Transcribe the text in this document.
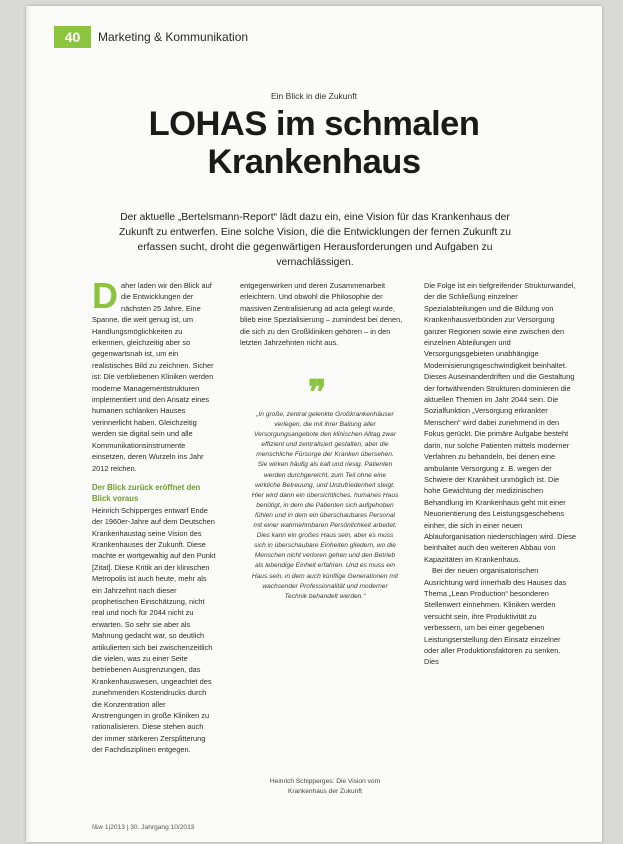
40	Marketing & Kommunikation
Ein Blick in die Zukunft
LOHAS im schmalen
Krankenhaus
Der aktuelle „Bertelsmann-Report“ lädt dazu ein, eine Vision für das Krankenhaus der Zukunft zu entwerfen. Eine solche Vision, die die Entwicklungen der fernen Zukunft zu erfassen sucht, droht die gegenwärtigen Herausforderungen und Aufgaben zu vernachlässigen.
D aher laden wir den Blick auf die Entwicklungen der nächsten 25 Jahre. Eine Spanne, die weit genug ist, um Handlungsmöglichkeiten zu erkennen, gleichzeitig aber so gegenwartsnah ist, um ein realistisches Bild zu zeichnen. Sicher ist: Die verbliebenen Kliniken werden moderne Managementstrukturen implementiert und den Ansatz eines humanen schlanken Hauses verinnerlicht haben. Gleichzeitig werden sie digital sein und alle Kommunikationsinstrumente einsetzen, deren Wurzeln ins Jahr 2012 reichen.

Der Blick zurück eröffnet den Blick voraus

Heinrich Schipperges entwarf Ende der 1960er-Jahre auf dem Deutschen Krankenhaustag seine Vision des Krankenhauses der Zukunft. Diese machte er wortgewaltig auf den Punkt [Zitat]. Diese Kritik an der klinischen Metropolis ist auch heute, mehr als ein Jahrzehnt nach dieser prophetischen Einschätzung, nicht real und noch für 2044 nicht zu erwarten. So sehr sie aber als Mahnung gedacht war, so deutlich artikulierten sich bei zwischenzeitlich die vielen, was zu einer Seite betriebenen Ausgrenzungen, das Krankenhauswesen, ungeachtet des zunehmenden Kostendrucks durch die Konzentration aller Anstrengungen in große Kliniken zu rationalisieren. Diese stehen auch der immer stärkeren Zersplitterung der Fachdisziplinen entgegen.

entgegenwirken und deren Zusammenarbeit erleichtern. Und obwohl die Philosophie der massiven Zentralisierung ad acta gelegt wurde, blieb eine Spezialisierung – zumindest bei denen, die sich zu den Großkliniken gehören – in den letzten Jahrzehnten nicht aus.

❞
„In große, zentral gelenkte Großkrankenhäuser verlegen, die mit ihrer Ballung aller Versorgungsangebote den klinischen Alltag zwar effizient und zentralisiert gestalten, aber die menschliche Fürsorge der Kranken übersehen. Sie wirken häufig als kalt und riesig. Patienten werden durchgereicht, zum Teil ohne eine wirkliche Betreuung, und Unzufriedenheit steigt. Hier wird dann ein übersichtliches, humanes Haus benötigt, in dem die Patienten sich aufgehoben fühlen und in dem ein überschaubares Personal mit einer wahrnehmbaren Persönlichkeit arbeitet. Dies kann ein großes Haus sein, aber es muss sich in überschaubare Einheiten gliedern, wo die Menschen nicht verloren gehen und den Betrieb als lebendige Einheit erfahren. Und es muss ein Haus sein, in dem auch künftige Generationen mit wachsender Professionalität und moderner Technik behandelt werden.“
Heinrich Schipperges: Die Vision vom Krankenhaus der Zukunft

Die Folge ist ein tiefgreifender Strukturwandel, der die Schließung einzelner Spezialabteilungen und die Bildung von Krankenhausverbünden zur Versorgung ganzer Regionen sowie eine zwischen den einzelnen Abteilungen und Versorgungsgebieten unabhängige Modernisierungsgeschwindigkeit beinhaltet. Dieses Auseinanderdriften und die Gestaltung der fortwährenden Strukturen dominieren die aktuellen Themen im Jahr 2044 sein. Die Sozialfunktion „Versorgung erkrankter Menschen“ wird dabei zunehmend in den Fokus gerückt. Die primäre Aufgabe besteht darin, nur solche Patienten mittels moderner Verfahren zu behandeln, bei denen eine ambulante Versorgung z. B. wegen der Schwere der Krankheit unmöglich ist. Die hohe Gewichtung der medizinischen Behandlung im Krankenhaus geht mit einer Neuorientierung des Leistungsgeschehens einher, die sich in einer neuen Ablauforganisation niederschlagen wird. Diese beinhaltet auch den weiteren Abbau von Kapazitäten im Krankenhaus.

Bei der neuen organisatorischen Ausrichtung wird innerhalb des Hauses das Thema „Lean Production“ besonderen Stellenwert einnehmen. Kliniken werden versucht sein, ihre Produktivität zu verbessern, um bei einer gegebenen Leistungserstellung den Einsatz einzelner oder aller Produktionsfaktoren zu senken. Dies

f&w 1|2013 | 30. Jahrgang 10/2013
